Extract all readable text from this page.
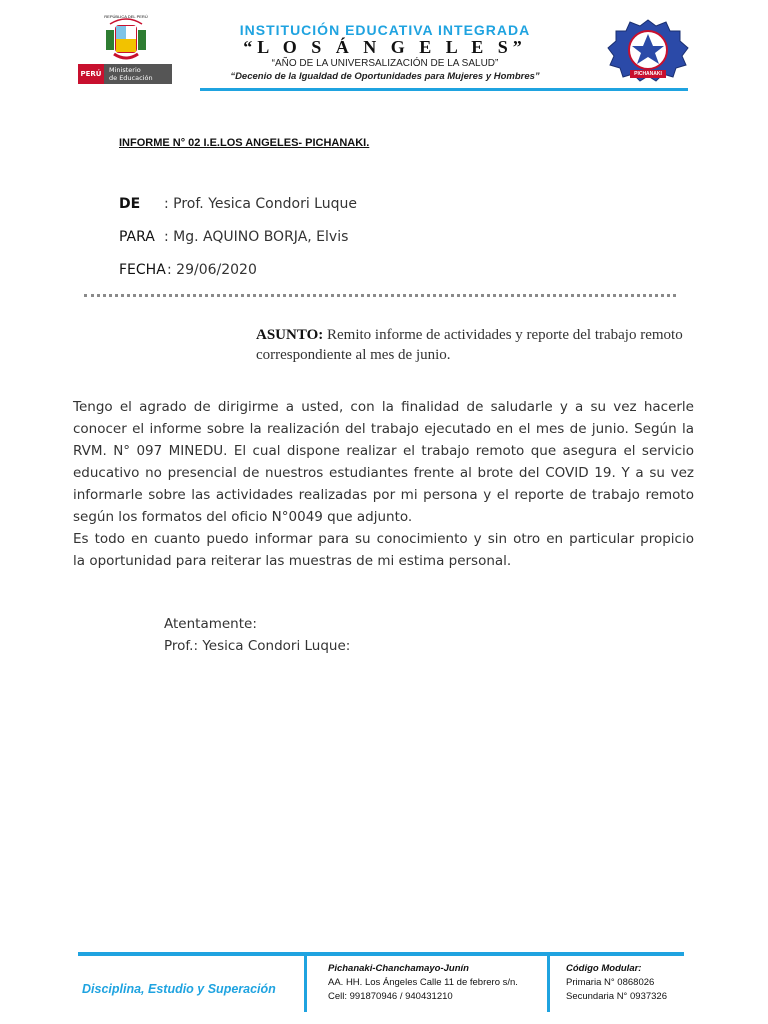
PERÚ	Ministerio
de Educación
REPÚBLICA DEL PERÚ
INSTITUCIÓN EDUCATIVA INTEGRADA
“L O S Á N G E L E S”
“AÑO DE LA UNIVERSALIZACIÓN DE LA SALUD”
“Decenio de la Igualdad de Oportunidades para Mujeres y Hombres”	PICHANAKI
INFORME N° 02 I.E.LOS ANGELES- PICHANAKI.
DE : Prof. Yesica Condori Luque
PARA : Mg. AQUINO BORJA, Elvis
FECHA : 29/06/2020
ASUNTO: Remito informe de actividades y reporte del trabajo remoto correspondiente al mes de junio.
Tengo el agrado de dirigirme a usted, con la finalidad de saludarle y a su vez hacerle
conocer el informe sobre la realización del trabajo ejecutado en el mes de junio. Según la
RVM. N° 097 MINEDU. El cual dispone realizar el trabajo remoto que asegura el servicio
educativo no presencial de nuestros estudiantes frente al brote del COVID 19. Y a su vez
informarle sobre las actividades realizadas por mi persona y el reporte de trabajo remoto
según los formatos del oficio N°0049 que adjunto.
Es todo en cuanto puedo informar para su conocimiento y sin otro en particular propicio
la oportunidad para reiterar las muestras de mi estima personal.
Atentamente:
Prof.: Yesica Condori Luque:
Disciplina, Estudio y Superación
Pichanaki-Chanchamayo-Junín
AA. HH. Los Ángeles Calle 11 de febrero s/n.
Cell: 991870946 / 940431210
Código Modular:
Primaria N° 0868026
Secundaria N° 0937326
